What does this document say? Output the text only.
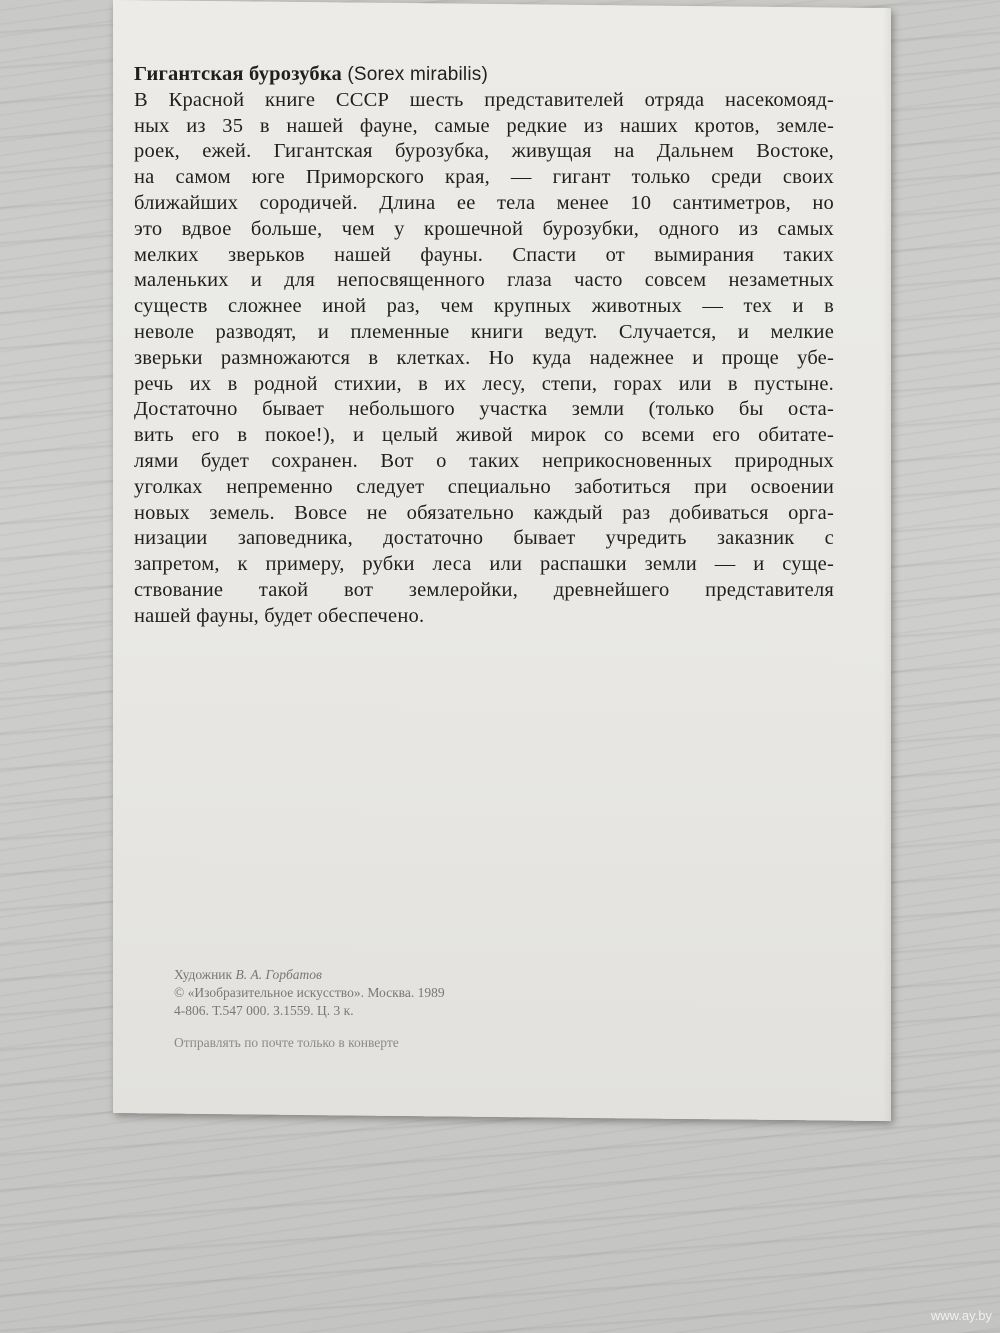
Гигантская бурозубка (Sorex mirabilis)
В Красной книге СССР шесть представителей отряда насекомояд-
ных из 35 в нашей фауне, самые редкие из наших кротов, земле-
роек, ежей. Гигантская бурозубка, живущая на Дальнем Востоке,
на самом юге Приморского края, — гигант только среди своих
ближайших сородичей. Длина ее тела менее 10 сантиметров, но
это вдвое больше, чем у крошечной бурозубки, одного из самых
мелких зверьков нашей фауны. Спасти от вымирания таких
маленьких и для непосвященного глаза часто совсем незаметных
существ сложнее иной раз, чем крупных животных — тех и в
неволе разводят, и племенные книги ведут. Случается, и мелкие
зверьки размножаются в клетках. Но куда надежнее и проще убе-
речь их в родной стихии, в их лесу, степи, горах или в пустыне.
Достаточно бывает небольшого участка земли (только бы оста-
вить его в покое!), и целый живой мирок со всеми его обитате-
лями будет сохранен. Вот о таких неприкосновенных природных
уголках непременно следует специально заботиться при освоении
новых земель. Вовсе не обязательно каждый раз добиваться орга-
низации заповедника, достаточно бывает учредить заказник с
запретом, к примеру, рубки леса или распашки земли — и суще-
ствование такой вот землеройки, древнейшего представителя
нашей фауны, будет обеспечено.
Художник В. А. Горбатов
© «Изобразительное искусство». Москва. 1989
4-806. Т.547 000. З.1559. Ц. 3 к.
Отправлять по почте только в конверте
www.ay.by
